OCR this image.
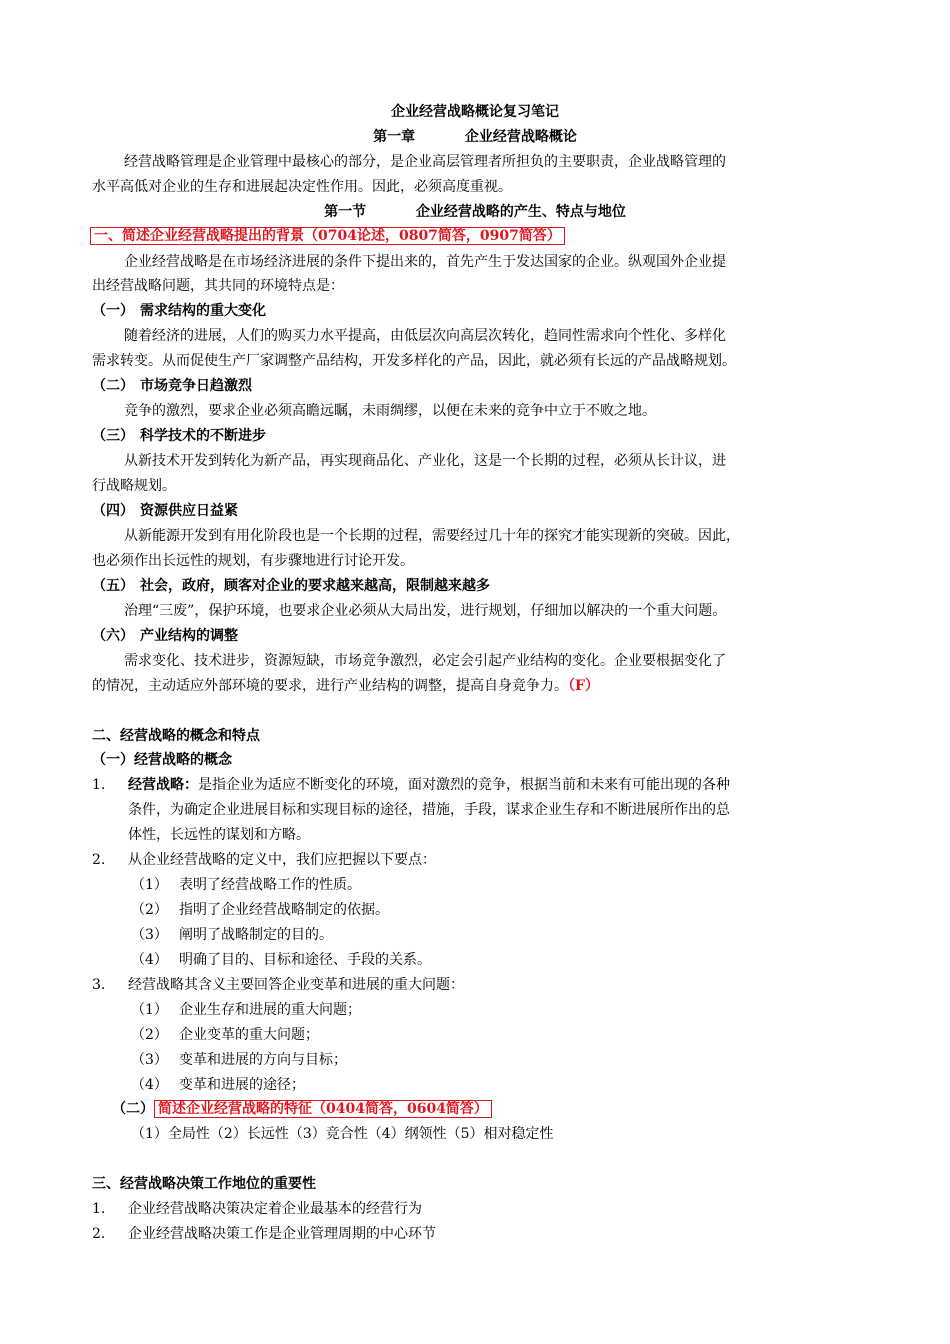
企业经营战略概论复习笔记
第一章	企业经营战略概论
经营战略管理是企业管理中最核心的部分，是企业高层管理者所担负的主要职责，企业战略管理的
水平高低对企业的生存和进展起决定性作用。因此，必须高度重视。
第一节	企业经营战略的产生、特点与地位
一、简述企业经营战略提出的背景（0704论述，0807简答，0907简答）
企业经营战略是在市场经济进展的条件下提出来的，首先产生于发达国家的企业。纵观国外企业提
出经营战略问题，其共同的环境特点是：
（一） 需求结构的重大变化
随着经济的进展，人们的购买力水平提高，由低层次向高层次转化，趋同性需求向个性化、多样化
需求转变。从而促使生产厂家调整产品结构，开发多样化的产品，因此，就必须有长远的产品战略规划。
（二） 市场竞争日趋激烈
竞争的激烈，要求企业必须高瞻远瞩，未雨绸缪，以便在未来的竞争中立于不败之地。
（三） 科学技术的不断进步
从新技术开发到转化为新产品，再实现商品化、产业化，这是一个长期的过程，必须从长计议，进
行战略规划。
（四） 资源供应日益紧
从新能源开发到有用化阶段也是一个长期的过程，需要经过几十年的探究才能实现新的突破。因此，
也必须作出长远性的规划，有步骤地进行讨论开发。
（五） 社会，政府，顾客对企业的要求越来越高，限制越来越多
治理“三废”，保护环境，也要求企业必须从大局出发，进行规划，仔细加以解决的一个重大问题。
（六） 产业结构的调整
需求变化、技术进步，资源短缺，市场竞争激烈，必定会引起产业结构的变化。企业要根据变化了
的情况，主动适应外部环境的要求，进行产业结构的调整，提高自身竞争力。（F）
二、经营战略的概念和特点
（一）经营战略的概念
1. 经营战略：是指企业为适应不断变化的环境，面对激烈的竞争，根据当前和未来有可能出现的各种
条件，为确定企业进展目标和实现目标的途径，措施，手段，谋求企业生存和不断进展所作出的总
体性，长远性的谋划和方略。
2. 从企业经营战略的定义中，我们应把握以下要点：
（1） 表明了经营战略工作的性质。
（2） 指明了企业经营战略制定的依据。
（3） 阐明了战略制定的目的。
（4） 明确了目的、目标和途径、手段的关系。
3. 经营战略其含义主要回答企业变革和进展的重大问题：
（1） 企业生存和进展的重大问题；
（2） 企业变革的重大问题；
（3） 变革和进展的方向与目标；
（4） 变革和进展的途径；
（二） 简述企业经营战略的特征（0404简答，0604简答）
（1）全局性（2）长远性（3）竞合性（4）纲领性（5）相对稳定性
三、经营战略决策工作地位的重要性
1. 企业经营战略决策决定着企业最基本的经营行为
2. 企业经营战略决策工作是企业管理周期的中心环节
